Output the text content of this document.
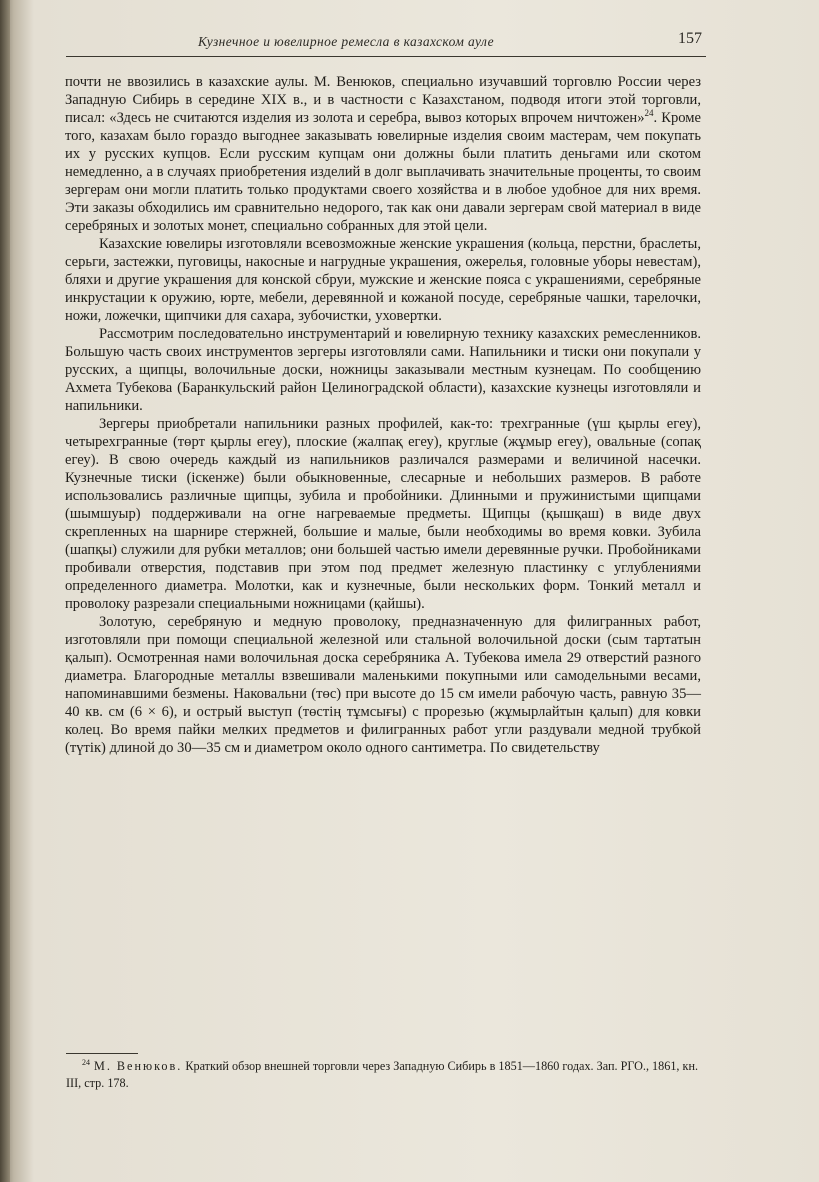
Кузнечное и ювелирное ремесла в казахском ауле	157

почти не ввозились в казахские аулы. М. Венюков, специально изучавший торговлю России через Западную Сибирь в середине XIX в., и в частности с Казахстаном, подводя итоги этой торговли, писал: «Здесь не считаются изделия из золота и серебра, вывоз которых впрочем ничтожен»$^{24}$. Кроме того, казахам было гораздо выгоднее заказывать ювелирные изделия своим мастерам, чем покупать их у русских купцов. Если русским купцам они должны были платить деньгами или скотом немедленно, а в случаях приобретения изделий в долг выплачивать значительные проценты, то своим зергерам они могли платить только продуктами своего хозяйства и в любое удобное для них время. Эти заказы обходились им сравнительно недорого, так как они давали зергерам свой материал в виде серебряных и золотых монет, специально собранных для этой цели.

Казахские ювелиры изготовляли всевозможные женские украшения (кольца, перстни, браслеты, серьги, застежки, пуговицы, накосные и нагрудные украшения, ожерелья, головные уборы невестам), бляхи и другие украшения для конской сбруи, мужские и женские пояса с украшениями, серебряные инкрустации к оружию, юрте, мебели, деревянной и кожаной посуде, серебряные чашки, тарелочки, ножи, ложечки, щипчики для сахара, зубочистки, уховертки.

Рассмотрим последовательно инструментарий и ювелирную технику казахских ремесленников. Большую часть своих инструментов зергеры изготовляли сами. Напильники и тиски они покупали у русских, а щипцы, волочильные доски, ножницы заказывали местным кузнецам. По сообщению Ахмета Тубекова (Баранкульский район Целиноградской области), казахские кузнецы изготовляли и напильники.

Зергеры приобретали напильники разных профилей, как-то: трехгранные (үш қырлы егеу), четырехгранные (төрт қырлы егеу), плоские (жалпақ егеу), круглые (жұмыр егеу), овальные (сопақ егеу). В свою очередь каждый из напильников различался размерами и величиной насечки. Кузнечные тиски (іскенже) были обыкновенные, слесарные и небольших размеров. В работе использовались различные щипцы, зубила и пробойники. Длинными и пружинистыми щипцами (шымшуыр) поддерживали на огне нагреваемые предметы. Щипцы (қышқаш) в виде двух скрепленных на шарнире стержней, большие и малые, были необходимы во время ковки. Зубила (шапқы) служили для рубки металлов; они большей частью имели деревянные ручки. Пробойниками пробивали отверстия, подставив при этом под предмет железную пластинку с углублениями определенного диаметра. Молотки, как и кузнечные, были нескольких форм. Тонкий металл и проволоку разрезали специальными ножницами (қайшы).

Золотую, серебряную и медную проволоку, предназначенную для филигранных работ, изготовляли при помощи специальной железной или стальной волочильной доски (сым тартатын қалып). Осмотренная нами волочильная доска серебряника А. Тубекова имела 29 отверстий разного диаметра. Благородные металлы взвешивали маленькими покупными или самодельными весами, напоминавшими безмены. Наковальни (төс) при высоте до 15 см имели рабочую часть, равную 35—40 кв. см (6 × 6), и острый выступ (төстің тұмсығы) с прорезью (жұмырлайтын қалып) для ковки колец. Во время пайки мелких предметов и филигранных работ угли раздували медной трубкой (түтік) длиной до 30—35 см и диаметром около одного сантиметра. По свидетельству

$^{24}$ М. Венюков. Краткий обзор внешней торговли через Западную Сибирь в 1851—1860 годах. Зап. РГО., 1861, кн. III, стр. 178.
